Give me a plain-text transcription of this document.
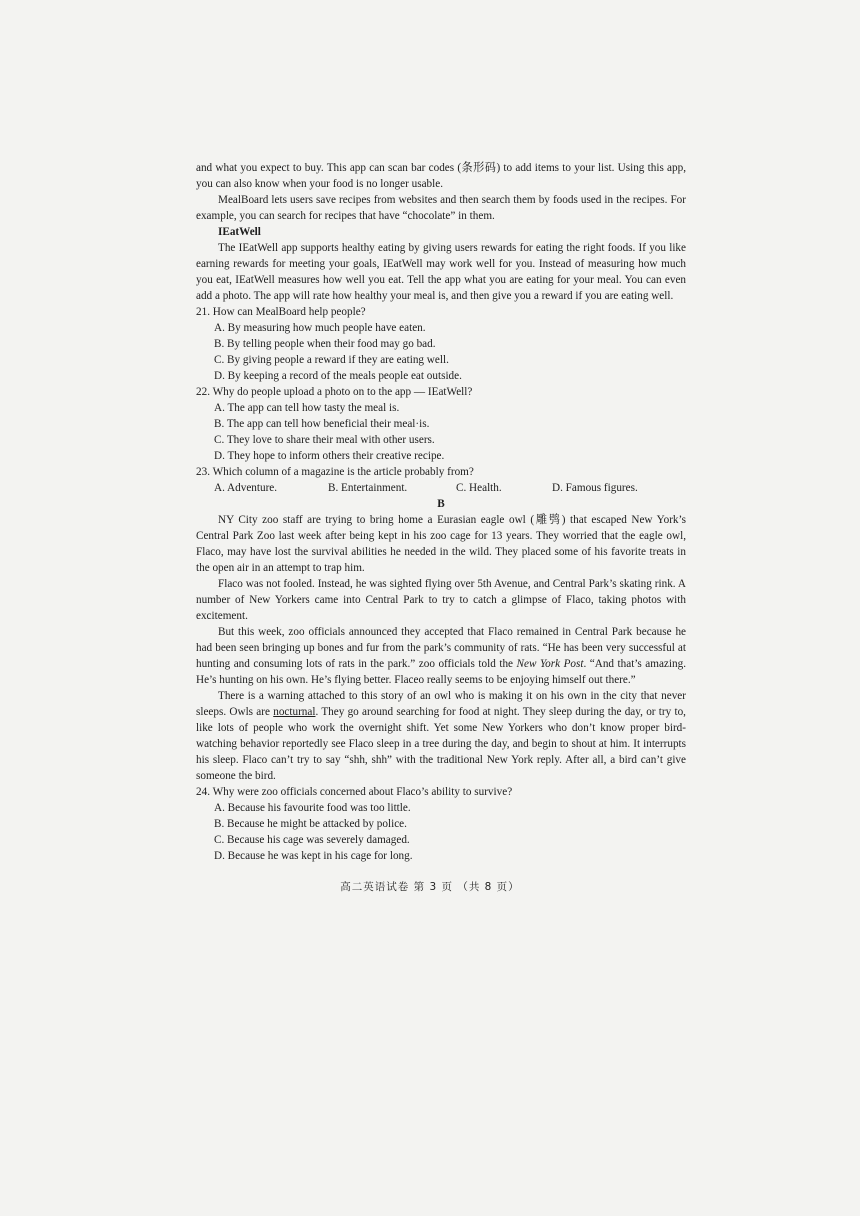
and what you expect to buy. This app can scan bar codes (条形码) to add items to your list. Using this app, you can also know when your food is no longer usable.

MealBoard lets users save recipes from websites and then search them by foods used in the recipes. For example, you can search for recipes that have “chocolate” in them.

IEatWell

The IEatWell app supports healthy eating by giving users rewards for eating the right foods. If you like earning rewards for meeting your goals, IEatWell may work well for you. Instead of measuring how much you eat, IEatWell measures how well you eat. Tell the app what you are eating for your meal. You can even add a photo. The app will rate how healthy your meal is, and then give you a reward if you are eating well.

21. How can MealBoard help people?

A. By measuring how much people have eaten.

B. By telling people when their food may go bad.

C. By giving people a reward if they are eating well.

D. By keeping a record of the meals people eat outside.

22. Why do people upload a photo on to the app — IEatWell?

A. The app can tell how tasty the meal is.

B. The app can tell how beneficial their meal·is.

C. They love to share their meal with other users.

D. They hope to inform others their creative recipe.

23. Which column of a magazine is the article probably from?

A. Adventure.	B. Entertainment.	C. Health.	D. Famous figures.

B

NY City zoo staff are trying to bring home a Eurasian eagle owl (雕鸮) that escaped New York’s Central Park Zoo last week after being kept in his zoo cage for 13 years. They worried that the eagle owl, Flaco, may have lost the survival abilities he needed in the wild. They placed some of his favorite treats in the open air in an attempt to trap him.

Flaco was not fooled. Instead, he was sighted flying over 5th Avenue, and Central Park’s skating rink. A number of New Yorkers came into Central Park to try to catch a glimpse of Flaco, taking photos with excitement.

But this week, zoo officials announced they accepted that Flaco remained in Central Park because he had been seen bringing up bones and fur from the park’s community of rats. “He has been very successful at hunting and consuming lots of rats in the park.” zoo officials told the New York Post. “And that’s amazing. He’s hunting on his own. He’s flying better. Flaceo really seems to be enjoying himself out there.”

There is a warning attached to this story of an owl who is making it on his own in the city that never sleeps. Owls are nocturnal. They go around searching for food at night. They sleep during the day, or try to, like lots of people who work the overnight shift. Yet some New Yorkers who don’t know proper bird-watching behavior reportedly see Flaco sleep in a tree during the day, and begin to shout at him. It interrupts his sleep. Flaco can’t try to say “shh, shh” with the traditional New York reply. After all, a bird can’t give someone the bird.

24. Why were zoo officials concerned about Flaco’s ability to survive?

A. Because his favourite food was too little.

B. Because he might be attacked by police.

C. Because his cage was severely damaged.

D. Because he was kept in his cage for long.

高二英语试卷 第 3 页 （共 8 页）
